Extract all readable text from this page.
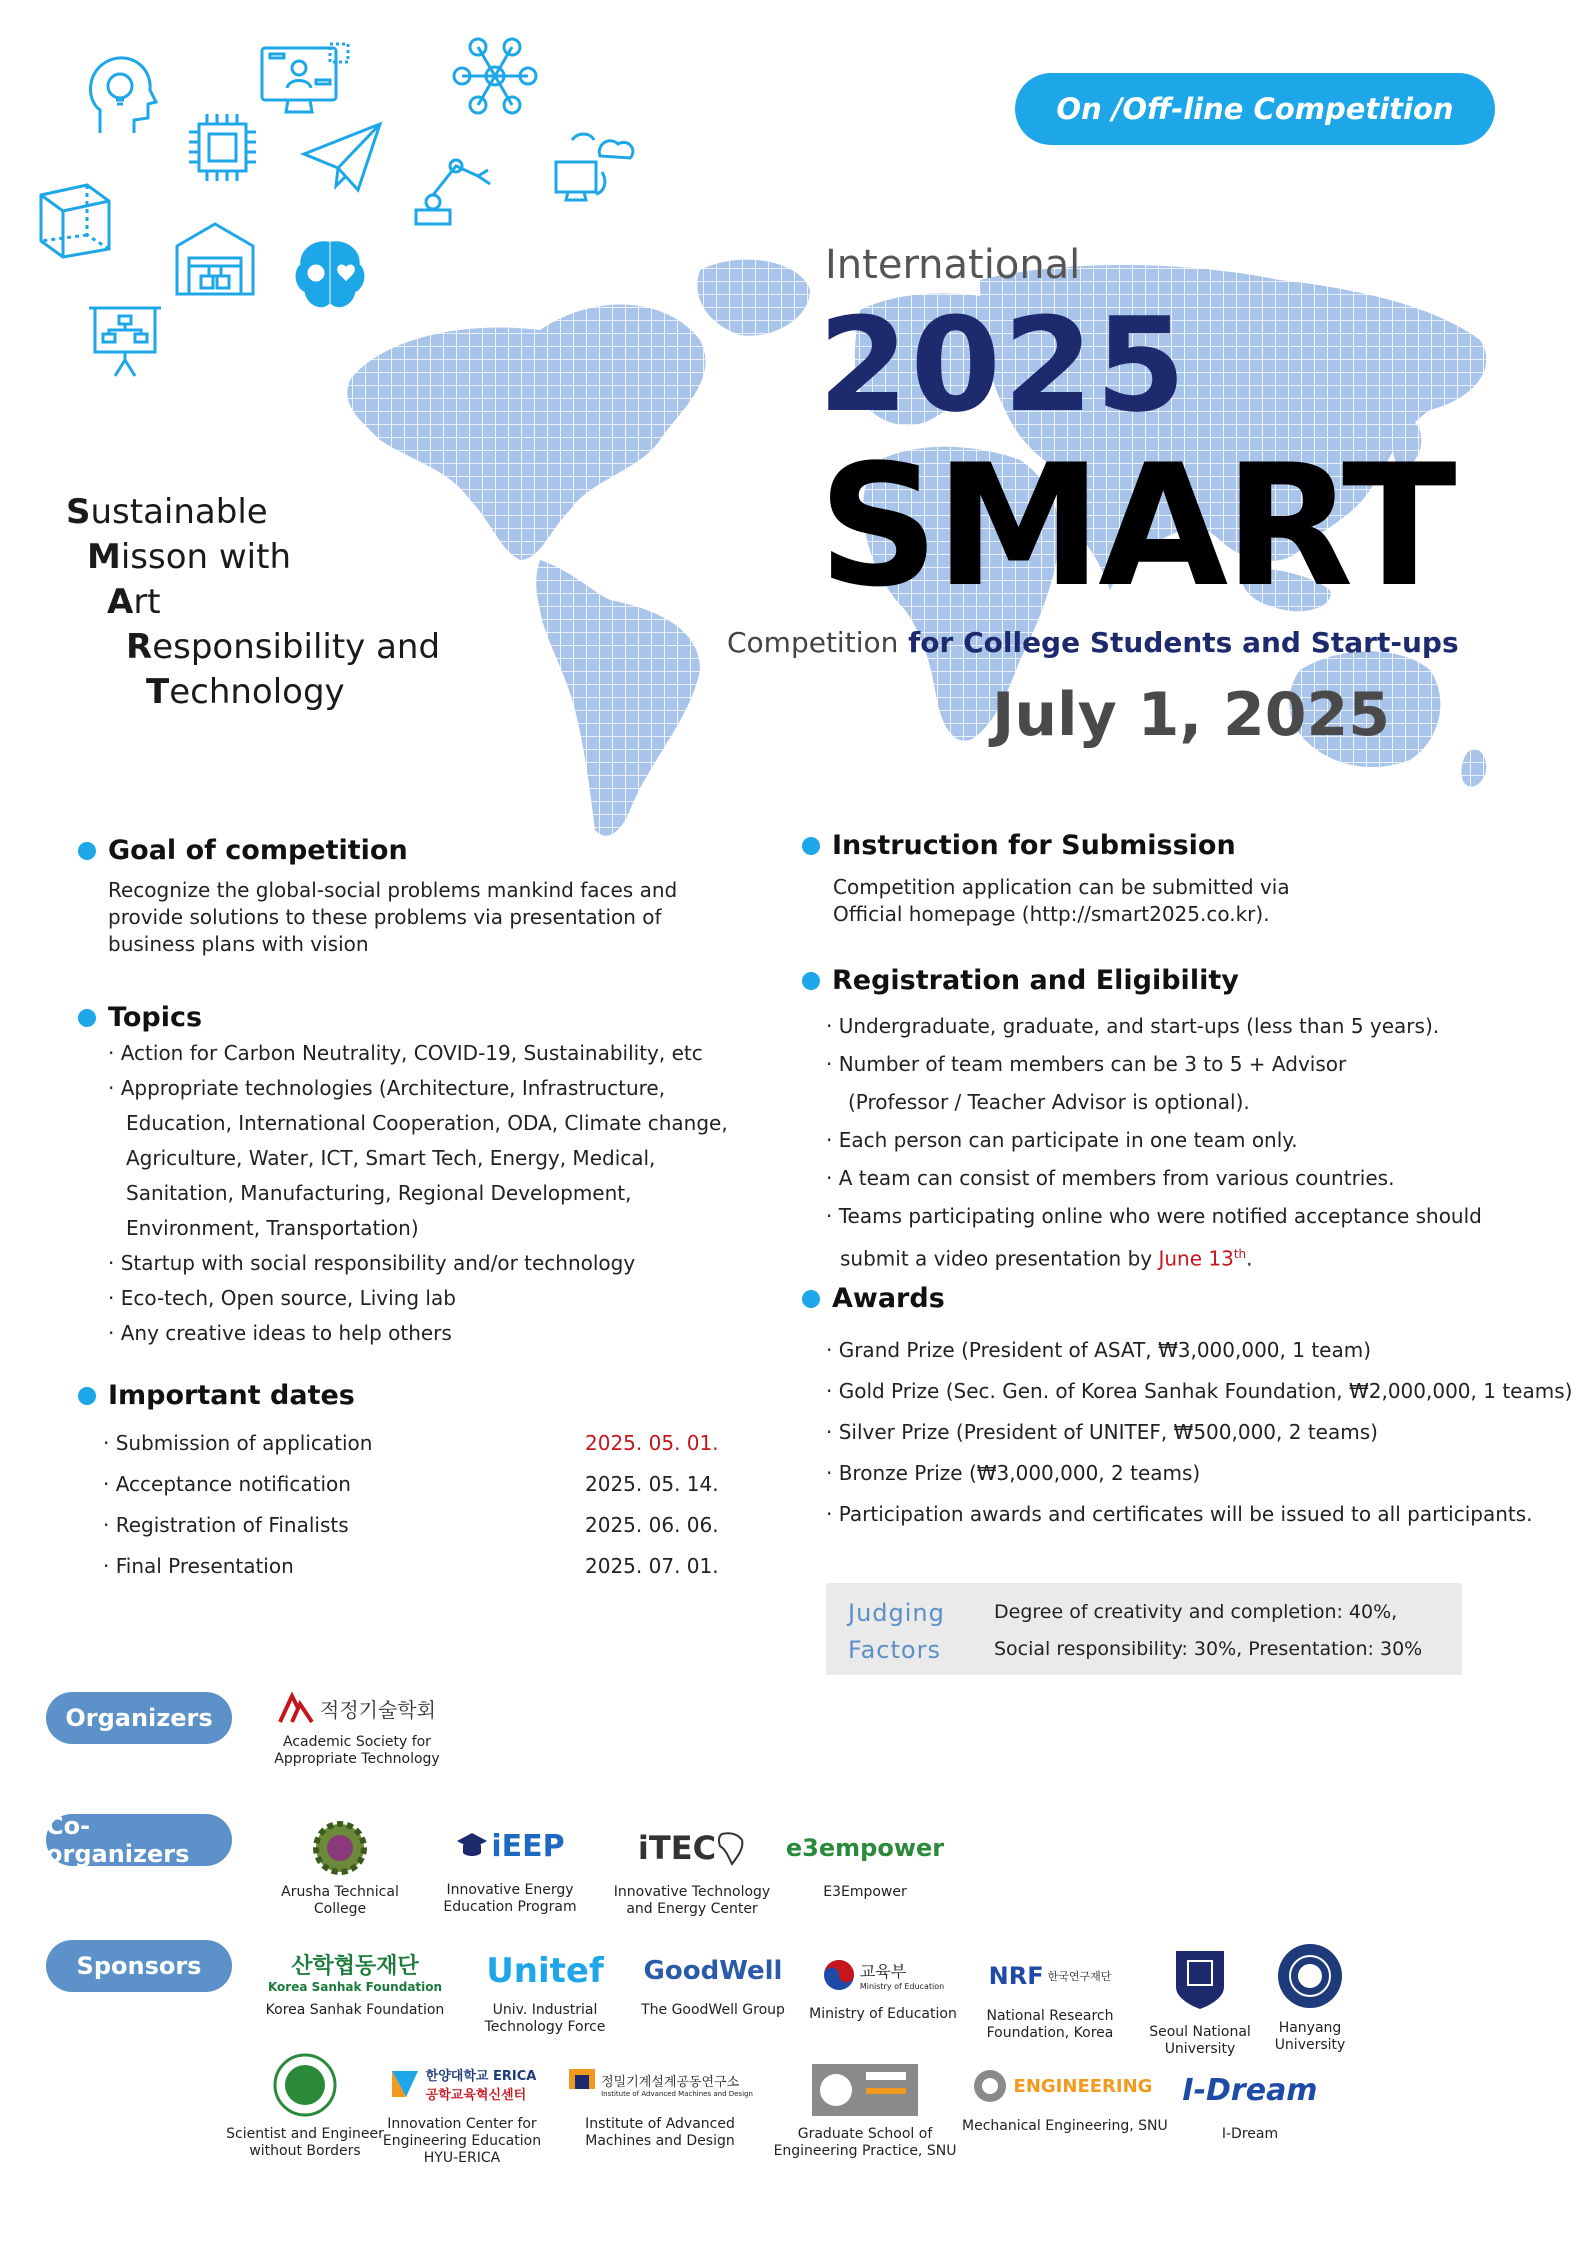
On /Off-line Competition
International
2025
SMART
Competition for College Students and Start-ups
July 1, 2025
Sustainable
Misson with
Art
Responsibility and
Technology
Goal of competition
Recognize the global-social problems mankind faces and
provide solutions to these problems via presentation of
business plans with vision
Topics
· Action for Carbon Neutrality, COVID-19, Sustainability, etc
· Appropriate technologies (Architecture, Infrastructure,
Education, International Cooperation, ODA, Climate change,
Agriculture, Water, ICT, Smart Tech, Energy, Medical,
Sanitation, Manufacturing, Regional Development,
Environment, Transportation)
· Startup with social responsibility and/or technology
· Eco-tech, Open source, Living lab
· Any creative ideas to help others
Important dates
· Submission of application	2025. 05. 01.
· Acceptance notification	2025. 05. 14.
· Registration of Finalists	2025. 06. 06.
· Final Presentation	2025. 07. 01.
Instruction for Submission
Competition application can be submitted via
Official homepage (http://smart2025.co.kr).
Registration and Eligibility
· Undergraduate, graduate, and start-ups (less than 5 years).
· Number of team members can be 3 to 5 + Advisor
(Professor / Teacher Advisor is optional).
· Each person can participate in one team only.
· A team can consist of members from various countries.
· Teams participating online who were notified acceptance should
submit a video presentation by June 13th.
Awards
· Grand Prize (President of ASAT, ₩3,000,000, 1 team)
· Gold Prize (Sec. Gen. of Korea Sanhak Foundation, ₩2,000,000, 1 teams)
· Silver Prize (President of UNITEF, ₩500,000, 2 teams)
· Bronze Prize (₩3,000,000, 2 teams)
· Participation awards and certificates will be issued to all participants.
Judging
Factors
Degree of creativity and completion: 40%,
Social responsibility: 30%, Presentation: 30%
Organizers	적정기술학회
Academic Society for
Appropriate Technology
Co-organizers
Arusha Technical
College
iEEP
Innovative Energy
Education Program
iTEC
Innovative Technology
and Energy Center
e3empower
E3Empower
Sponsors	산학협동재단
Korea Sanhak Foundation
Korea Sanhak Foundation
Unitef
Univ. Industrial
Technology Force
GoodWell
The GoodWell Group
교육부
Ministry of Education
Ministry of Education
NRF 한국연구재단
National Research
Foundation, Korea	Seoul National
University
Hanyang
University
Scientist and Engineer
without Borders
한양대학교 ERICA
공학교육혁신센터
Innovation Center for
Engineering Education
HYU-ERICA
정밀기계설계공동연구소
Institute of Advanced Machines and Design
Institute of Advanced
Machines and Design	Graduate School of
Engineering Practice, SNU
ENGINEERING
Mechanical Engineering, SNU
I-Dream
I-Dream
